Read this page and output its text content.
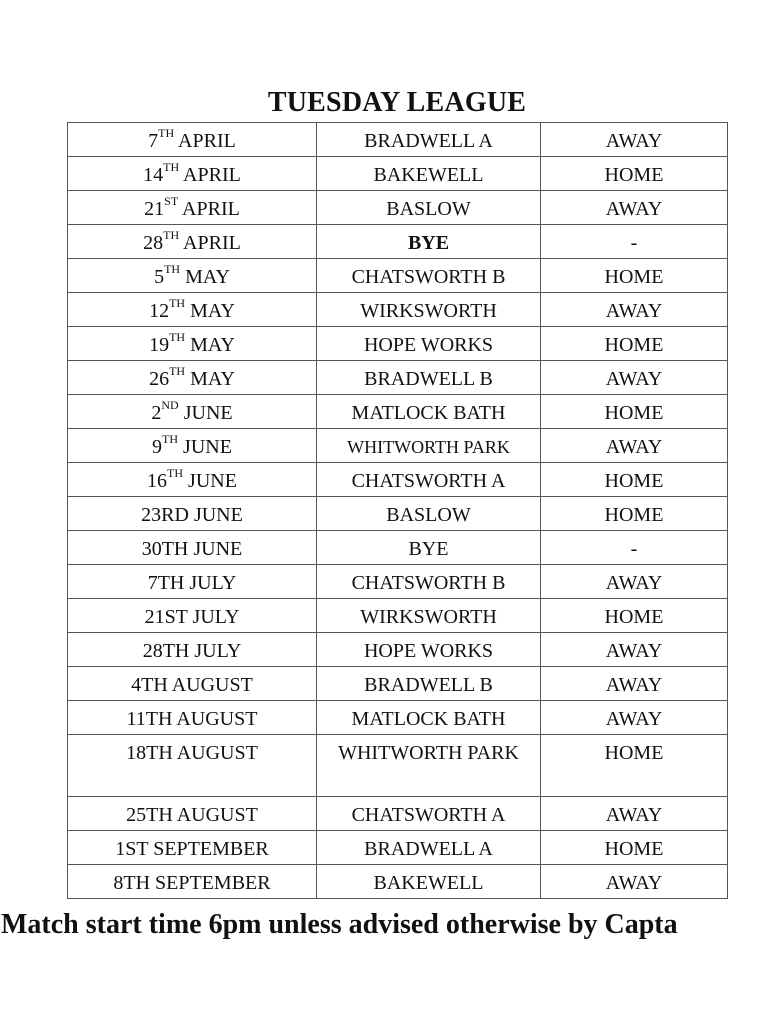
TUESDAY LEAGUE
7TH APRIL	BRADWELL A	AWAY
14TH APRIL	BAKEWELL	HOME
21ST APRIL	BASLOW	AWAY
28TH APRIL	BYE	-
5TH MAY	CHATSWORTH B	HOME
12TH MAY	WIRKSWORTH	AWAY
19TH MAY	HOPE WORKS	HOME
26TH MAY	BRADWELL B	AWAY
2ND JUNE	MATLOCK BATH	HOME
9TH JUNE	WHITWORTH PARK	AWAY
16TH JUNE	CHATSWORTH A	HOME
23RD JUNE	BASLOW	HOME
30TH JUNE	BYE	-
7TH JULY	CHATSWORTH B	AWAY
21ST JULY	WIRKSWORTH	HOME
28TH JULY	HOPE WORKS	AWAY
4TH AUGUST	BRADWELL B	AWAY
11TH AUGUST	MATLOCK BATH	AWAY
18TH AUGUST	WHITWORTH PARK	HOME
25TH AUGUST	CHATSWORTH A	AWAY
1ST SEPTEMBER	BRADWELL A	HOME
8TH SEPTEMBER	BAKEWELL	AWAY
Match start time 6pm unless advised otherwise by Capta
